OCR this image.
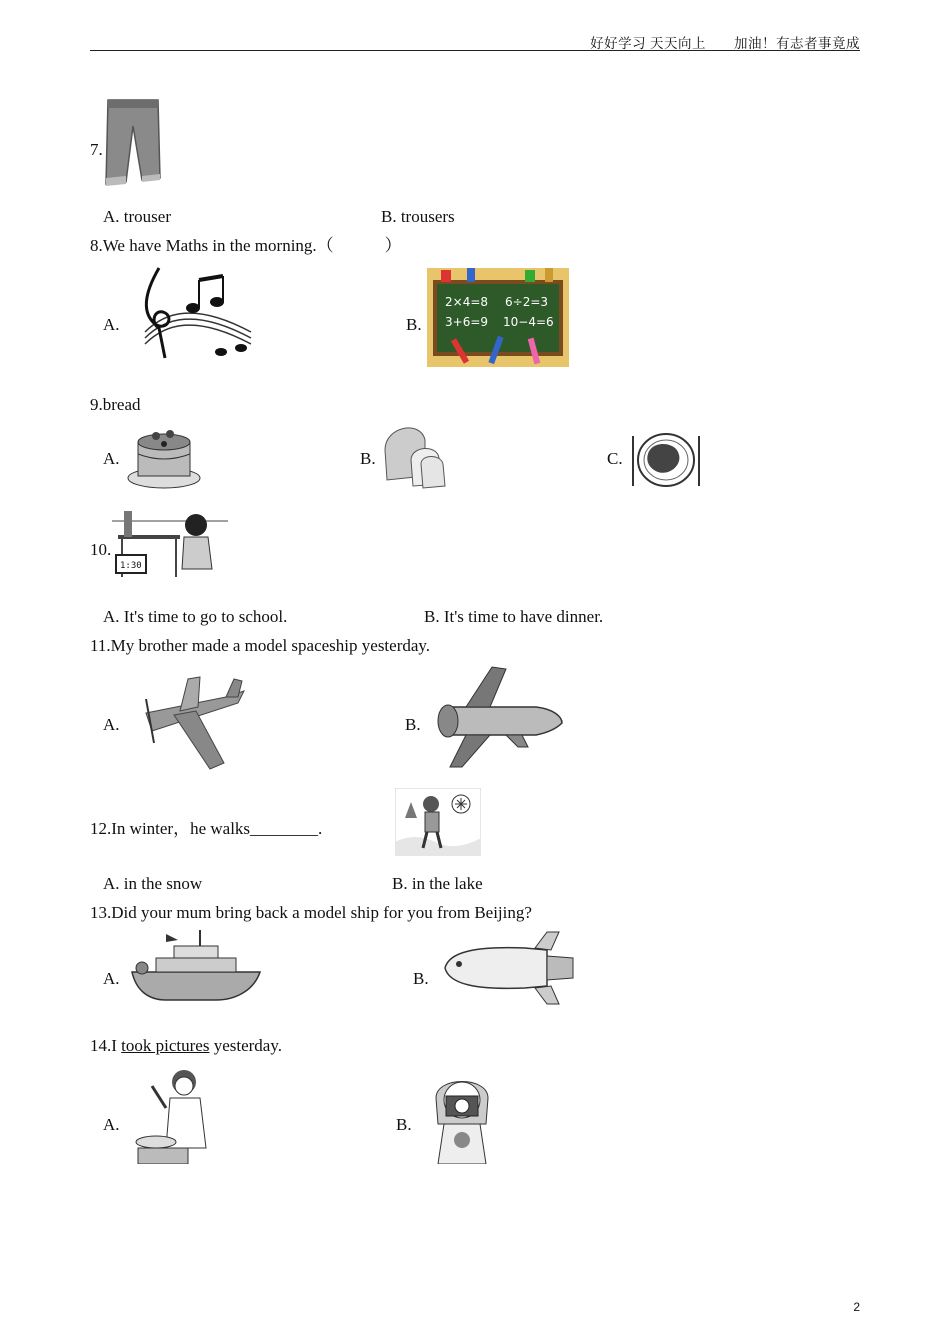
好好学习 天天向上　　加油！有志者事竟成
7.
A. trouser	B. trousers
8.We have Maths in the morning.（　　　）
A.	B.
2×4=8 6÷2=3
3+6=9 10−4=6
9.bread
A.	B.	C.
10.
1:30
A. It's time to go to school.	B. It's time to have dinner.
11.My brother made a model spaceship yesterday.
A.	B.
12.In winter，he walks________.
A. in the snow	B. in the lake
13.Did your mum bring back a model ship for you from Beijing?
A.	B.
14.I took pictures yesterday.
A.	B.
2
